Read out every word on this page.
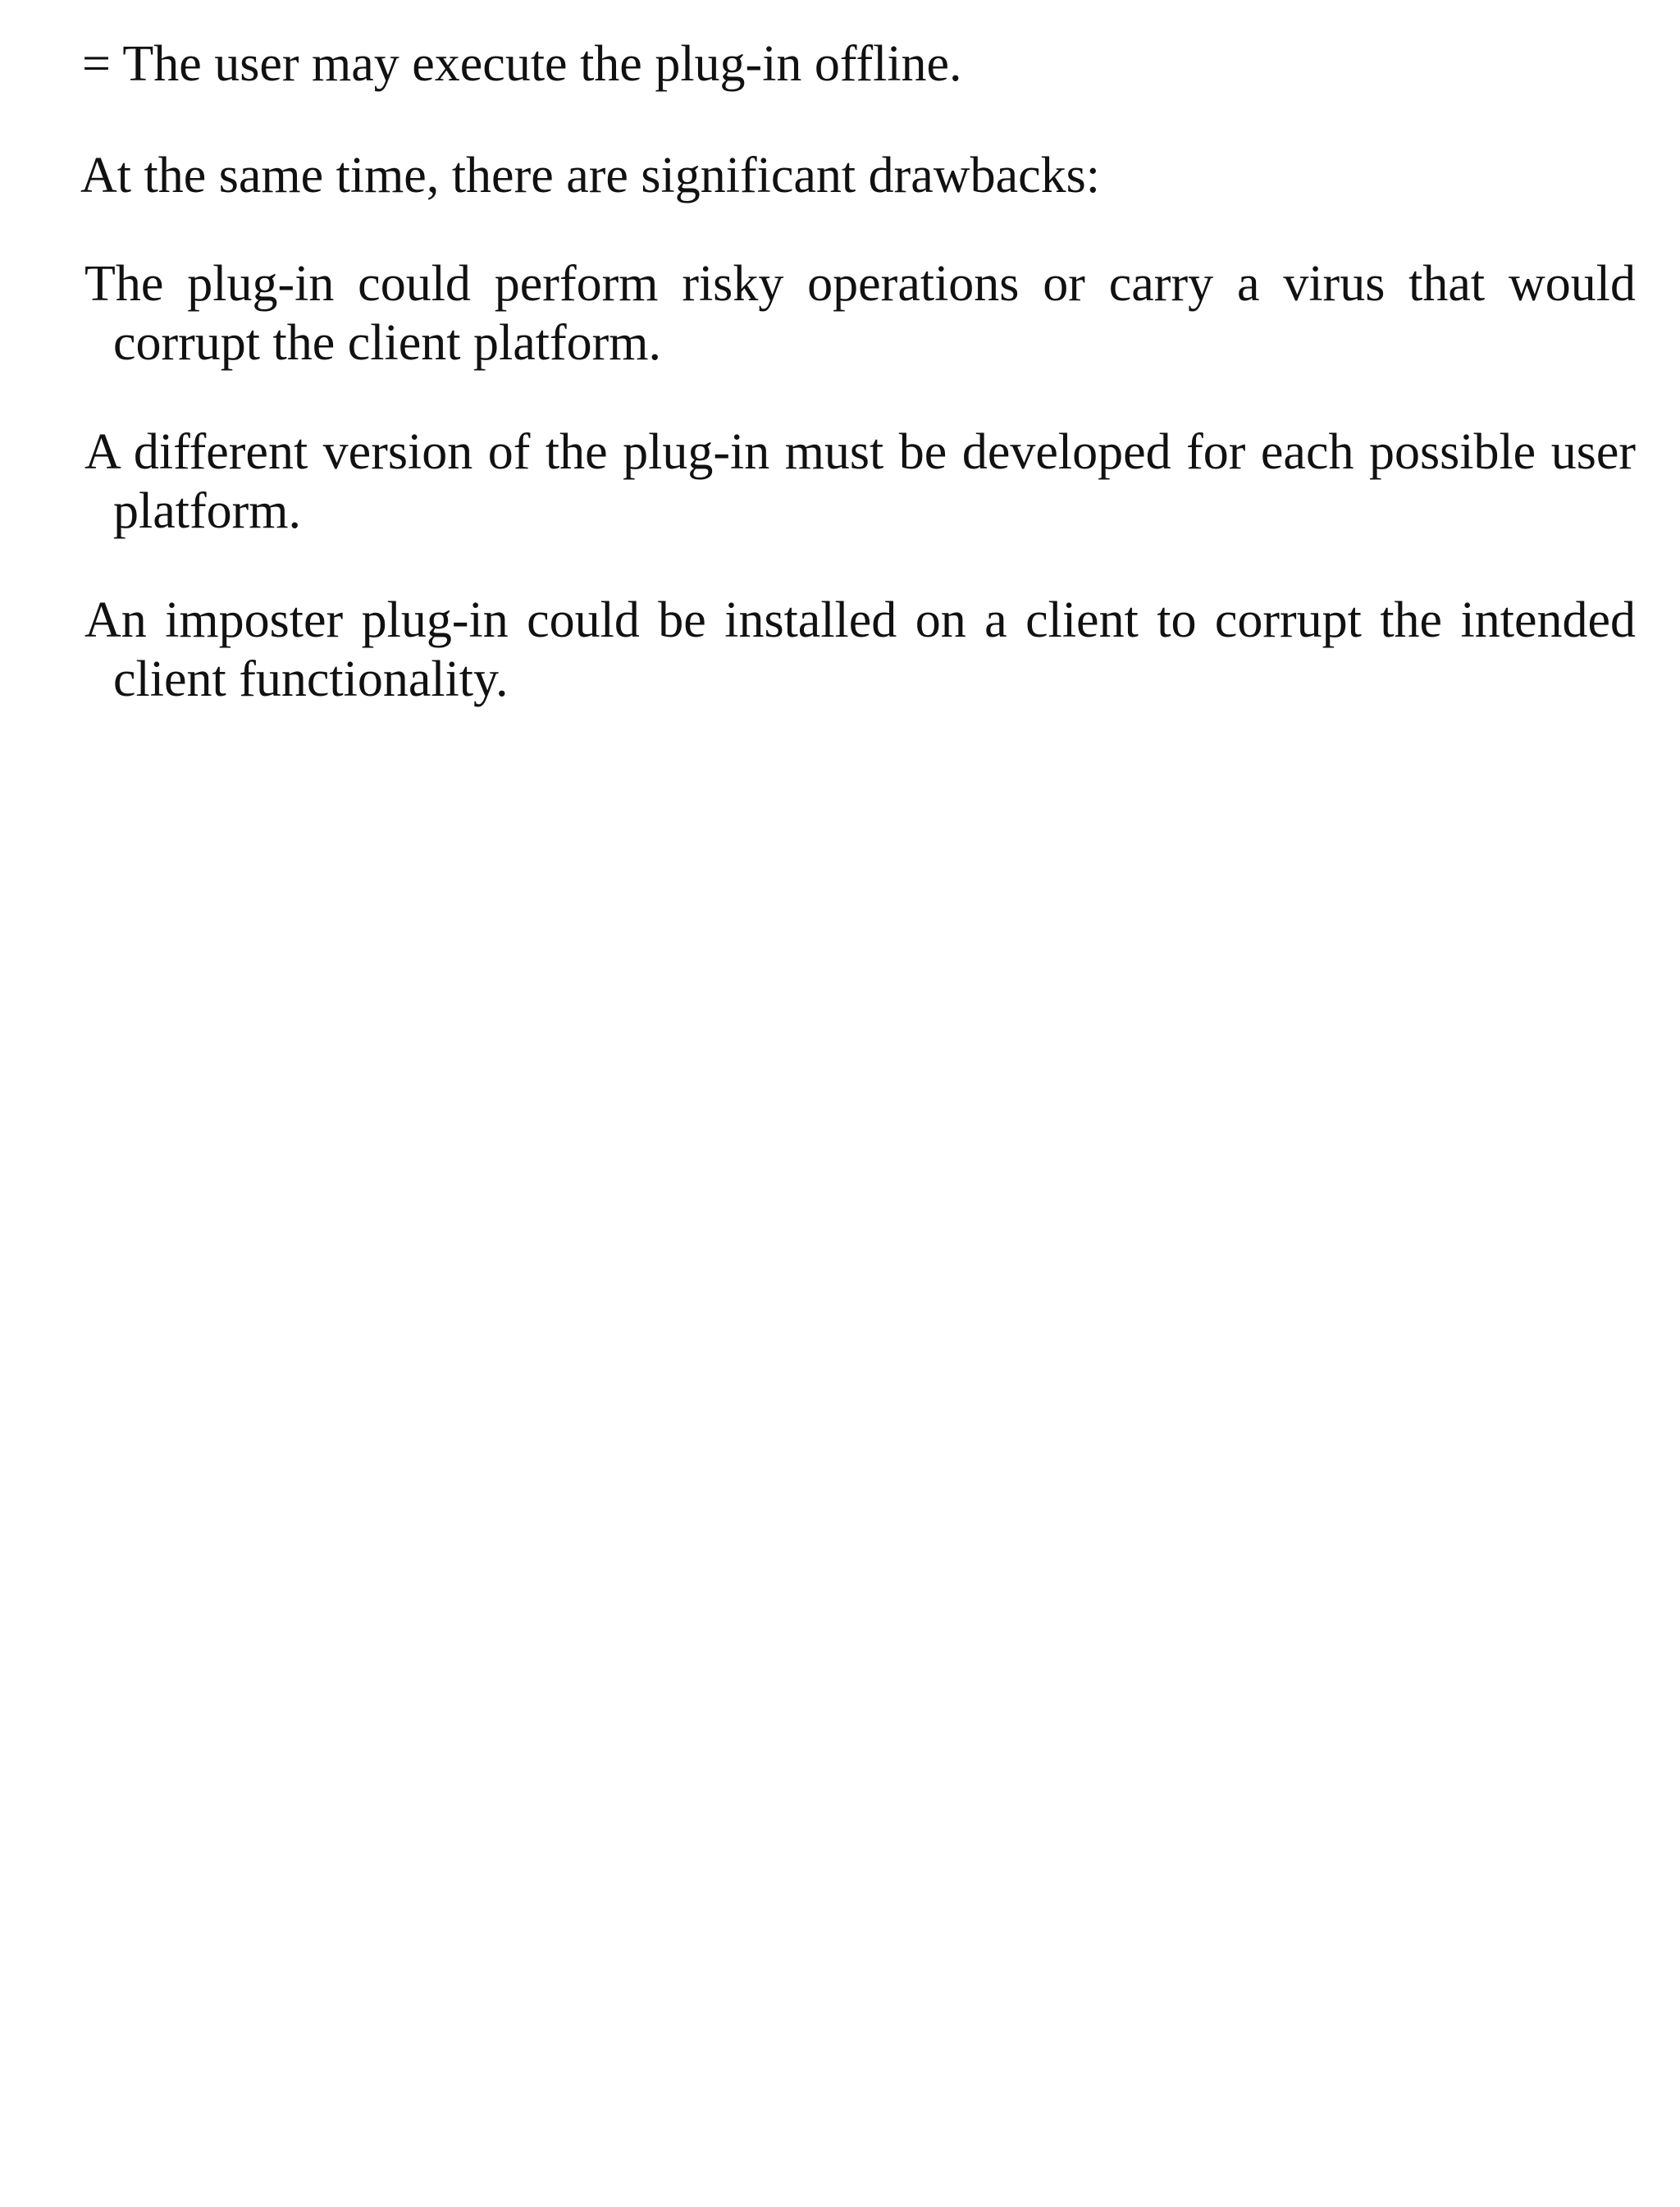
= The user may execute the plug-in offline.

At the same time, there are significant drawbacks:

The plug-in could perform risky operations or carry a virus that would corrupt the client platform.

A different version of the plug-in must be developed for each possible user platform.

An imposter plug-in could be installed on a client to corrupt the intended client functionality.
